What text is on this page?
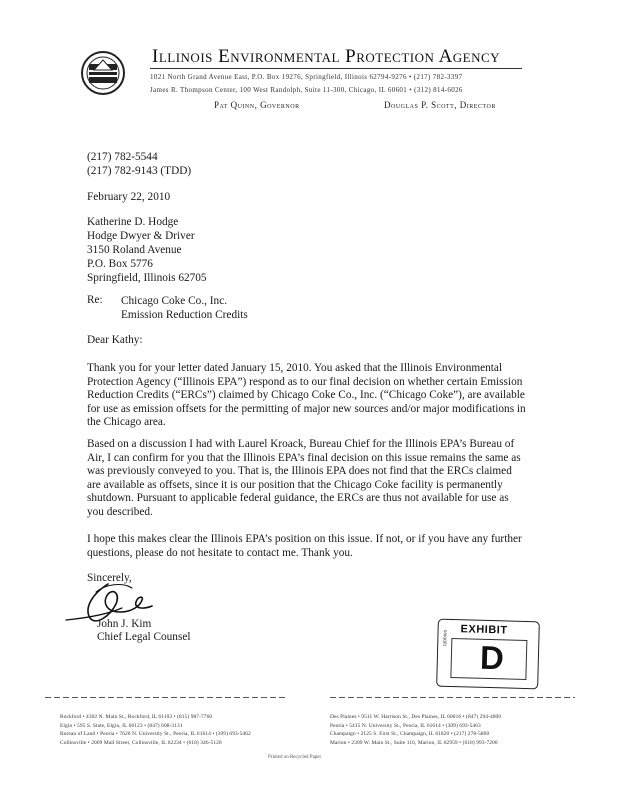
Illinois Environmental Protection Agency
1021 North Grand Avenue East, P.O. Box 19276, Springfield, Illinois 62794-9276 • (217) 782-3397
James R. Thompson Center, 100 West Randolph, Suite 11-300, Chicago, IL 60601 • (312) 814-6026
Pat Quinn, Governor	Douglas P. Scott, Director
(217) 782-5544
(217) 782-9143 (TDD)
February 22, 2010
Katherine D. Hodge
Hodge Dwyer & Driver
3150 Roland Avenue
P.O. Box 5776
Springfield, Illinois 62705
Re: Chicago Coke Co., Inc.
Emission Reduction Credits
Dear Kathy:
Thank you for your letter dated January 15, 2010. You asked that the Illinois Environmental
Protection Agency (“Illinois EPA”) respond as to our final decision on whether certain Emission
Reduction Credits (“ERCs”) claimed by Chicago Coke Co., Inc. (“Chicago Coke”), are available
for use as emission offsets for the permitting of major new sources and/or major modifications in
the Chicago area.
Based on a discussion I had with Laurel Kroack, Bureau Chief for the Illinois EPA’s Bureau of
Air, I can confirm for you that the Illinois EPA’s final decision on this issue remains the same as
was previously conveyed to you. That is, the Illinois EPA does not find that the ERCs claimed
are available as offsets, since it is our position that the Chicago Coke facility is permanently
shutdown. Pursuant to applicable federal guidance, the ERCs are thus not available for use as
you described.
I hope this makes clear the Illinois EPA’s position on this issue. If not, or if you have any further
questions, please do not hesitate to contact me. Thank you.
Sincerely,
John J. Kim
Chief Legal Counsel
EXHIBIT
D
tabbies
Rockford • 4302 N. Main St., Rockford, IL 61103 • (815) 987-7760
Elgin • 595 S. State, Elgin, IL 60123 • (847) 608-3131
Bureau of Land • Peoria • 7620 N. University St., Peoria, IL 61614 • (309) 693-5462
Collinsville • 2009 Mall Street, Collinsville, IL 62234 • (618) 346-5120
Des Plaines • 9511 W. Harrison St., Des Plaines, IL 60016 • (847) 294-4000
Peoria • 5415 N. University St., Peoria, IL 61614 • (309) 693-5463
Champaign • 2125 S. First St., Champaign, IL 61820 • (217) 278-5800
Marion • 2309 W. Main St., Suite 116, Marion, IL 62959 • (618) 993-7200
Printed on Recycled Paper
